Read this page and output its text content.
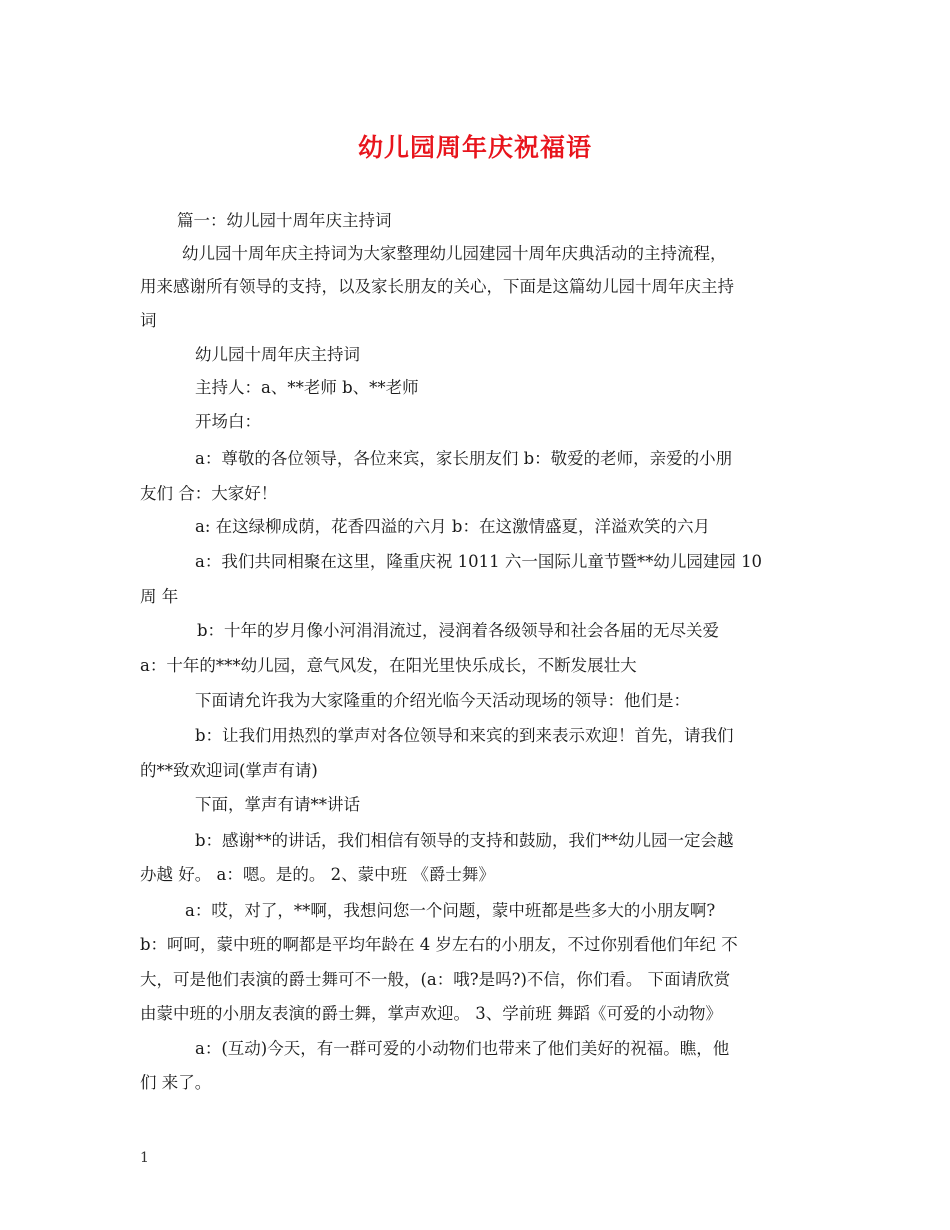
幼儿园周年庆祝福语
篇一：幼儿园十周年庆主持词
幼儿园十周年庆主持词为大家整理幼儿园建园十周年庆典活动的主持流程，
用来感谢所有领导的支持，以及家长朋友的关心，下面是这篇幼儿园十周年庆主持
词
幼儿园十周年庆主持词
主持人：a、**老师 b、**老师
开场白：
a：尊敬的各位领导，各位来宾，家长朋友们 b：敬爱的老师，亲爱的小朋
友们 合：大家好！
a: 在这绿柳成荫，花香四溢的六月 b：在这激情盛夏，洋溢欢笑的六月
a：我们共同相聚在这里，隆重庆祝 1011 六一国际儿童节暨**幼儿园建园 10
周 年
b：十年的岁月像小河涓涓流过，浸润着各级领导和社会各届的无尽关爱
a：十年的***幼儿园，意气风发，在阳光里快乐成长，不断发展壮大
下面请允许我为大家隆重的介绍光临今天活动现场的领导：他们是：
b：让我们用热烈的掌声对各位领导和来宾的到来表示欢迎！首先，请我们
的**致欢迎词(掌声有请)
下面，掌声有请**讲话
b：感谢**的讲话，我们相信有领导的支持和鼓励，我们**幼儿园一定会越
办越 好。 a：嗯。是的。 2、蒙中班 《爵士舞》
a：哎，对了，**啊，我想问您一个问题，蒙中班都是些多大的小朋友啊?
b：呵呵，蒙中班的啊都是平均年龄在 4 岁左右的小朋友，不过你别看他们年纪 不
大，可是他们表演的爵士舞可不一般，(a：哦?是吗?)不信，你们看。 下面请欣赏
由蒙中班的小朋友表演的爵士舞，掌声欢迎。 3、学前班 舞蹈《可爱的小动物》
a：(互动)今天，有一群可爱的小动物们也带来了他们美好的祝福。瞧，他
们 来了。
1
